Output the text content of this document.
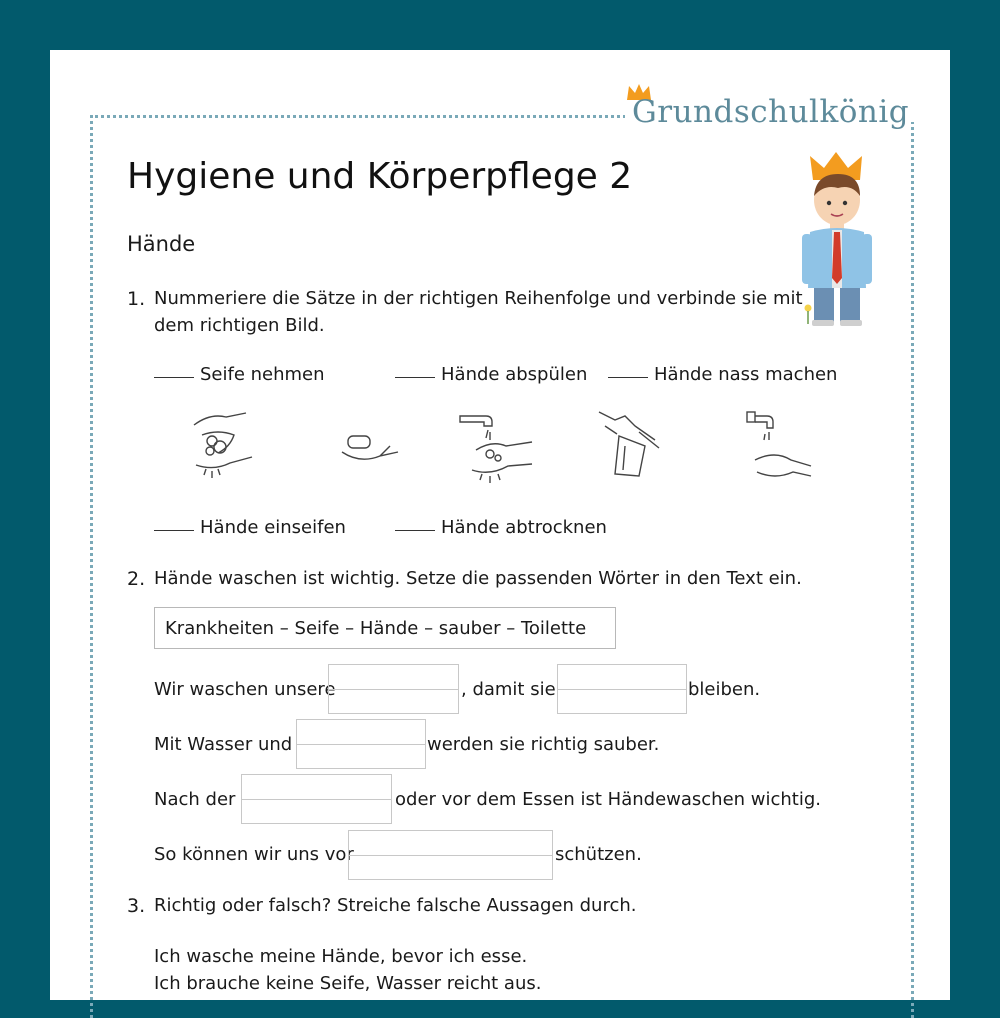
Grundschulkönig
Hygiene und Körperpflege 2
Hände
1. Nummeriere die Sätze in der richtigen Reihenfolge und verbinde sie mit
dem richtigen Bild.
Seife nehmen	Hände abspülen	Hände nass machen
Hände einseifen	Hände abtrocknen
2. Händе waschen ist wichtig. Setze die passenden Wörter in den Text ein.
Krankheiten – Seife – Hände – sauber – Toilette
Wir waschen unsere	, damit sie	bleiben.
Mit Wasser und	werden sie richtig sauber.
Nach der	oder vor dem Essen ist Händewaschen wichtig.
So können wir uns vor	schützen.
3. Richtig oder falsch? Streiche falsche Aussagen durch.
Ich wasche meine Hände, bevor ich esse.
Ich brauche keine Seife, Wasser reicht aus.
